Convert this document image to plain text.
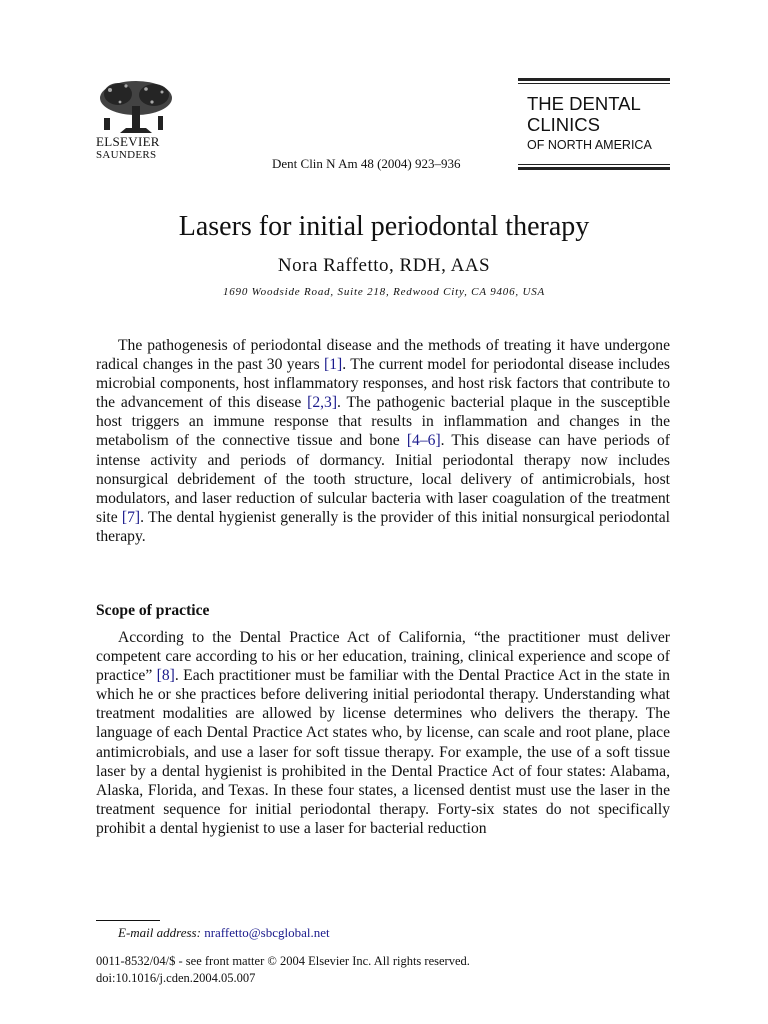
ELSEVIER
SAUNDERS
Dent Clin N Am 48 (2004) 923–936
THE DENTAL
CLINICS
OF NORTH AMERICA
Lasers for initial periodontal therapy
Nora Raffetto, RDH, AAS
1690 Woodside Road, Suite 218, Redwood City, CA 9406, USA

The pathogenesis of periodontal disease and the methods of treating it have undergone radical changes in the past 30 years [1]. The current model for periodontal disease includes microbial components, host inflammatory responses, and host risk factors that contribute to the advancement of this disease [2,3]. The pathogenic bacterial plaque in the susceptible host triggers an immune response that results in inflammation and changes in the metabolism of the connective tissue and bone [4–6]. This disease can have periods of intense activity and periods of dormancy. Initial periodontal therapy now includes nonsurgical debridement of the tooth structure, local delivery of antimicrobials, host modulators, and laser reduction of sulcular bacteria with laser coagulation of the treatment site [7]. The dental hygienist generally is the provider of this initial nonsurgical periodontal therapy.

Scope of practice

According to the Dental Practice Act of California, “the practitioner must deliver competent care according to his or her education, training, clinical experience and scope of practice” [8]. Each practitioner must be familiar with the Dental Practice Act in the state in which he or she practices before delivering initial periodontal therapy. Understanding what treatment modalities are allowed by license determines who delivers the therapy. The language of each Dental Practice Act states who, by license, can scale and root plane, place antimicrobials, and use a laser for soft tissue therapy. For example, the use of a soft tissue laser by a dental hygienist is prohibited in the Dental Practice Act of four states: Alabama, Alaska, Florida, and Texas. In these four states, a licensed dentist must use the laser in the treatment sequence for initial periodontal therapy. Forty-six states do not specifically prohibit a dental hygienist to use a laser for bacterial reduction

E-mail address: nraffetto@sbcglobal.net
0011-8532/04/$ - see front matter © 2004 Elsevier Inc. All rights reserved.
doi:10.1016/j.cden.2004.05.007
